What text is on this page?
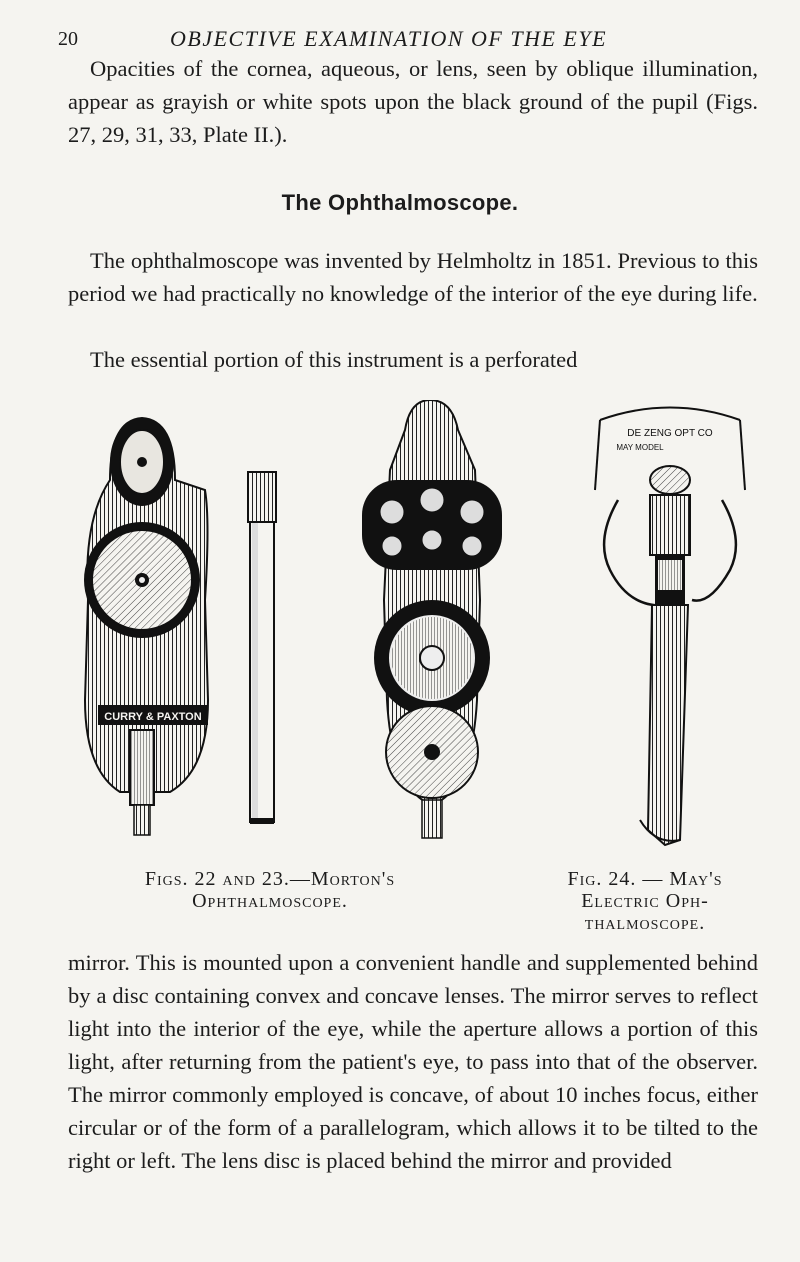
20	OBJECTIVE EXAMINATION OF THE EYE

Opacities of the cornea, aqueous, or lens, seen by oblique illumination, appear as grayish or white spots upon the black ground of the pupil (Figs. 27, 29, 31, 33, Plate II.).

The Ophthalmoscope.

The ophthalmoscope was invented by Helmholtz in 1851. Previous to this period we had practically no knowledge of the interior of the eye during life.

The essential portion of this instrument is a perforated

CURRY & PAXTON
DE ZENG OPT CO
MAY MODEL
Figs. 22 and 23.—Morton's
Ophthalmoscope.
Fig. 24. — May's
Electric Oph-
thalmoscope.

mirror. This is mounted upon a convenient handle and supplemented behind by a disc containing convex and concave lenses. The mirror serves to reflect light into the interior of the eye, while the aperture allows a portion of this light, after returning from the patient's eye, to pass into that of the observer. The mirror commonly employed is concave, of about 10 inches focus, either circular or of the form of a parallelogram, which allows it to be tilted to the right or left. The lens disc is placed behind the mirror and provided
